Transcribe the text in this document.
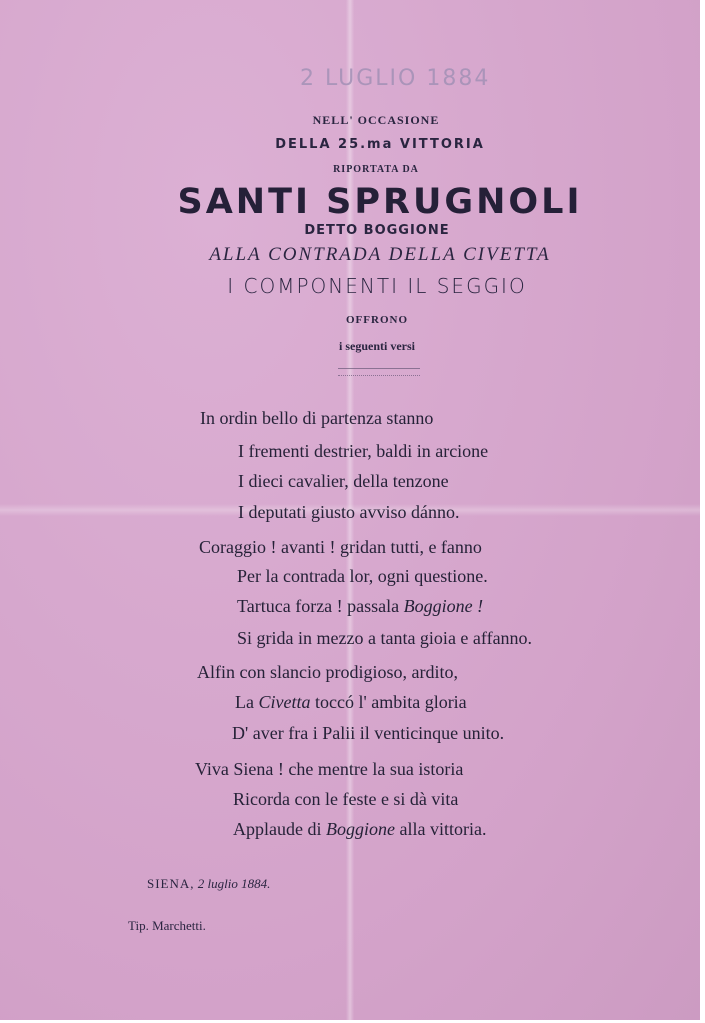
2 LUGLIO 1884
NELL' OCCASIONE
DELLA 25.ma VITTORIA
RIPORTATA DA
SANTI SPRUGNOLI
DETTO BOGGIONE
ALLA CONTRADA DELLA CIVETTA
I COMPONENTI IL SEGGIO
OFFRONO
i seguenti versi
In ordin bello di partenza stanno
I frementi destrier, baldi in arcione
I dieci cavalier, della tenzone
I deputati giusto avviso dánno.
Coraggio ! avanti ! gridan tutti, e fanno
Per la contrada lor, ogni questione.
Tartuca forza ! passala Boggione !
Si grida in mezzo a tanta gioia e affanno.
Alfin con slancio prodigioso, ardito,
La Civetta toccó l' ambita gloria
D' aver fra i Palii il venticinque unito.
Viva Siena ! che mentre la sua istoria
Ricorda con le feste e si dà vita
Applaude di Boggione alla vittoria.
SIENA, 2 luglio 1884.
Tip. Marchetti.
